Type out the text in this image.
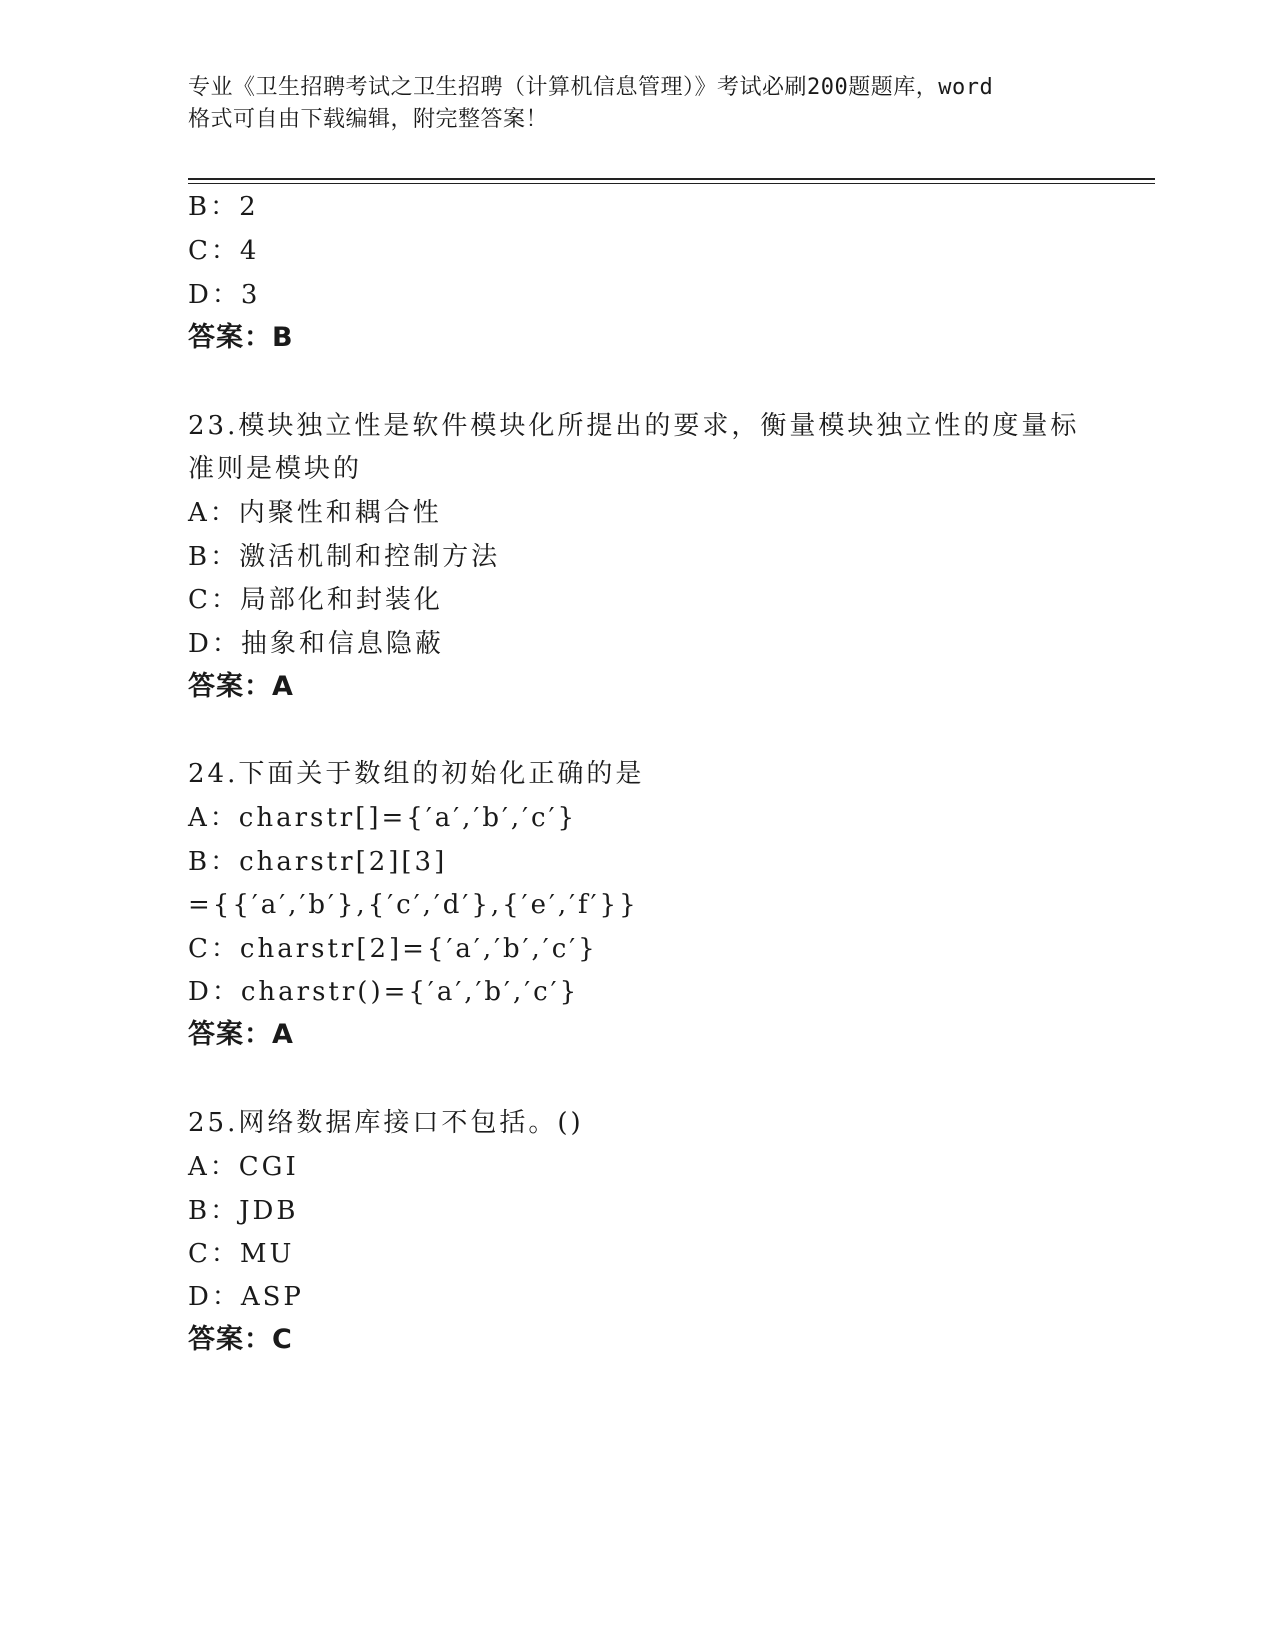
专业《卫生招聘考试之卫生招聘（计算机信息管理）》考试必刷200题题库，word
格式可自由下载编辑，附完整答案！
B：2
C：4
D：3
答案：B
23.模块独立性是软件模块化所提出的要求，衡量模块独立性的度量标
准则是模块的
A：内聚性和耦合性
B：激活机制和控制方法
C：局部化和封装化
D：抽象和信息隐蔽
答案：A
24.下面关于数组的初始化正确的是
A：charstr[]={′a′,′b′,′c′}
B：charstr[2][3]
={{′a′,′b′},{′c′,′d′},{′e′,′f′}}
C：charstr[2]={′a′,′b′,′c′}
D：charstr()={′a′,′b′,′c′}
答案：A
25.网络数据库接口不包括。()
A：CGI
B：JDB
C：MU
D：ASP
答案：C
